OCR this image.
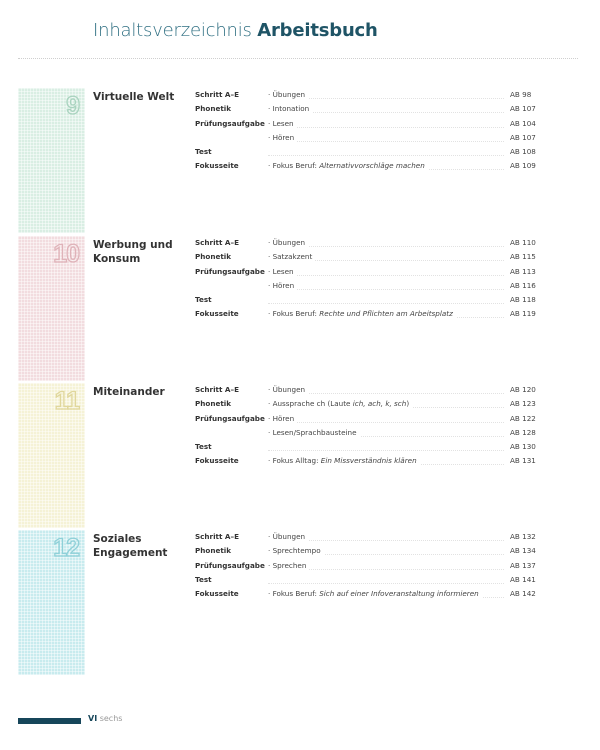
Inhaltsverzeichnis Arbeitsbuch
9 Virtuelle Welt	Schritt A–E	· Übungen	AB 98
Phonetik	· Intonation	AB 107
Prüfungsaufgabe · Lesen	AB 104
· Hören	AB 107
Test	AB 108
Fokusseite	· Fokus Beruf: Alternativvorschläge machen	AB 109
10 Werbung und Konsum
Schritt A–E	· Übungen	AB 110
Phonetik	· Satzakzent	AB 115
Prüfungsaufgabe · Lesen	AB 113
· Hören	AB 116
Test	AB 118
Fokusseite	· Fokus Beruf: Rechte und Pflichten am Arbeitsplatz	AB 119
11 Miteinander	Schritt A–E	· Übungen	AB 120
Phonetik	· Aussprache ch (Laute ich, ach, k, sch)	AB 123
Prüfungsaufgabe · Hören	AB 122
· Lesen/Sprachbausteine	AB 128
Test	AB 130
Fokusseite	· Fokus Alltag: Ein Missverständnis klären	AB 131
12 Soziales Engagement
Schritt A–E	· Übungen	AB 132
Phonetik	· Sprechtempo	AB 134
Prüfungsaufgabe · Sprechen	AB 137
Test	AB 141
Fokusseite	· Fokus Beruf: Sich auf einer Infoveranstaltung informieren	AB 142
VI sechs
